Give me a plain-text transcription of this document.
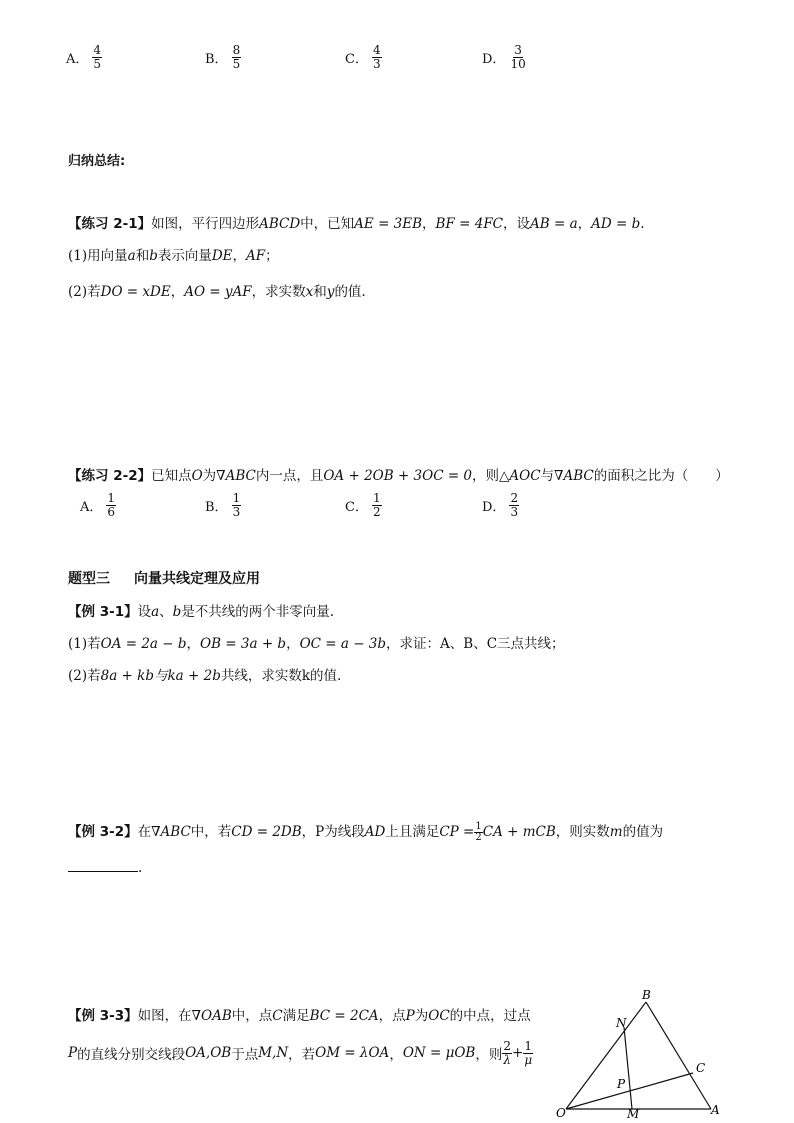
A． $\frac{4}{5}$	B． $\frac{8}{5}$	C． $\frac{4}{3}$	D． $\frac{3}{10}$
归纳总结:
【练习 2-1】如图，平行四边形ABCD中，已知AE = 3EB，BF = 4FC，设AB = a，AD = b.
(1)用向量a和b表示向量DE，AF；
(2)若DO = xDE，AO = yAF，求实数x和y的值.
【练习 2-2】已知点O为∇ABC内一点，且OA + 2OB + 3OC = 0，则△AOC与∇ABC的面积之比为（　　）
A． $\frac{1}{6}$	B． $\frac{1}{3}$	C． $\frac{1}{2}$	D． $\frac{2}{3}$
题型三 向量共线定理及应用
【例 3-1】设a、b是不共线的两个非零向量.
(1)若OA = 2a − b，OB = 3a + b，OC = a − 3b，求证：A、B、C三点共线；
(2)若8a + kb与ka + 2b共线，求实数k的值.
【例 3-2】在∇ABC中，若CD = 2DB，P为线段AD上且满足CP = $\frac{1}{2}$ CA + mCB，则实数m的值为
.
【例 3-3】如图，在∇OAB中，点C满足BC = 2CA，点P为OC的中点，过点
P 的直线分别交线段 OA,OB 于点 M,N ，若 OM = λOA ， ON = μOB ，则 $\frac{2}{\lambda} + \frac{1}{\mu}$
B
N
C
P
O	M	A
